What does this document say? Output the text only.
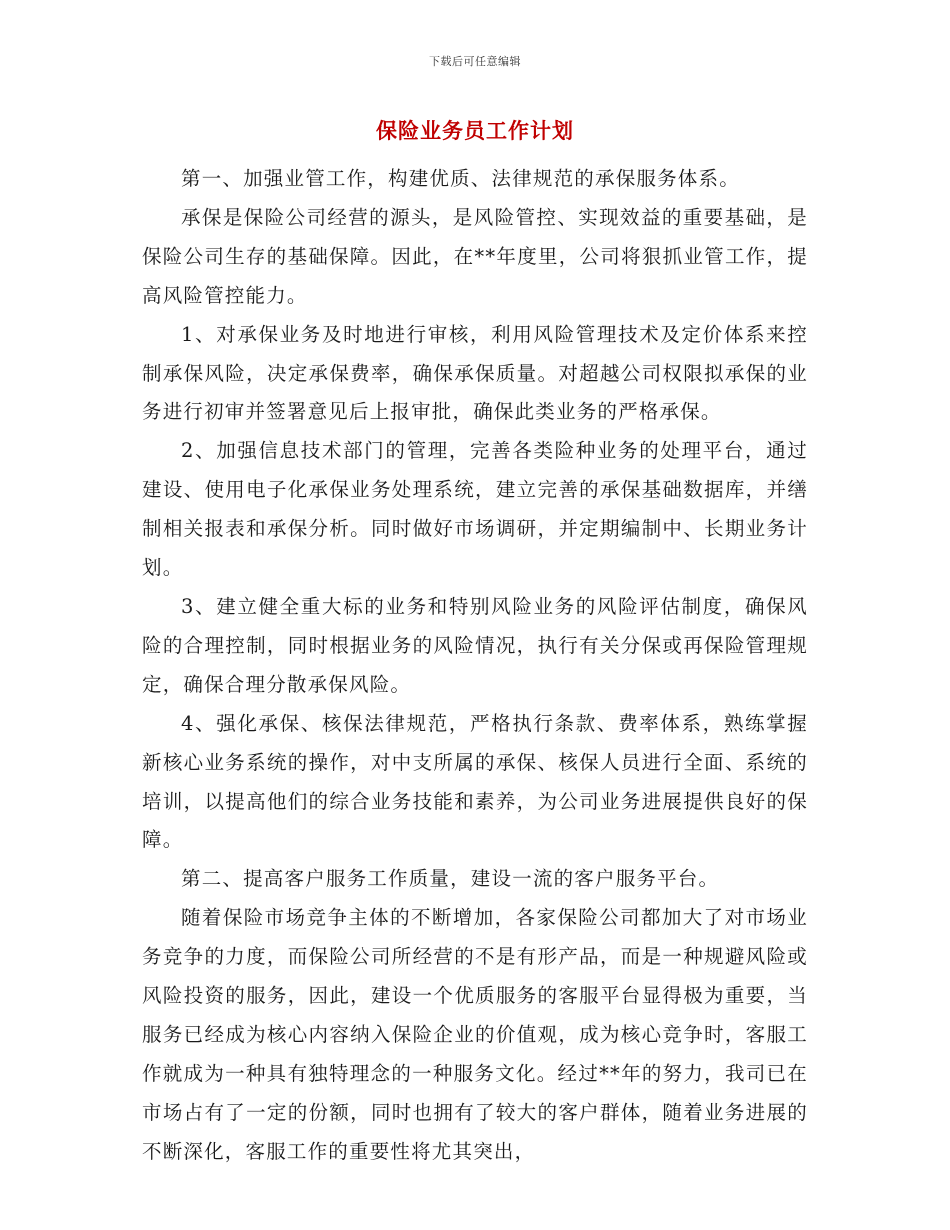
下载后可任意编辑
保险业务员工作计划

第一、加强业管工作，构建优质、法律规范的承保服务体系。

承保是保险公司经营的源头，是风险管控、实现效益的重要基础，是保险公司生存的基础保障。因此，在**年度里，公司将狠抓业管工作，提高风险管控能力。

1、对承保业务及时地进行审核，利用风险管理技术及定价体系来控制承保风险，决定承保费率，确保承保质量。对超越公司权限拟承保的业务进行初审并签署意见后上报审批，确保此类业务的严格承保。

2、加强信息技术部门的管理，完善各类险种业务的处理平台，通过建设、使用电子化承保业务处理系统，建立完善的承保基础数据库，并缮制相关报表和承保分析。同时做好市场调研，并定期编制中、长期业务计划。

3、建立健全重大标的业务和特别风险业务的风险评估制度，确保风险的合理控制，同时根据业务的风险情况，执行有关分保或再保险管理规定，确保合理分散承保风险。

4、强化承保、核保法律规范，严格执行条款、费率体系，熟练掌握新核心业务系统的操作，对中支所属的承保、核保人员进行全面、系统的培训，以提高他们的综合业务技能和素养，为公司业务进展提供良好的保障。

第二、提高客户服务工作质量，建设一流的客户服务平台。

随着保险市场竞争主体的不断增加，各家保险公司都加大了对市场业务竞争的力度，而保险公司所经营的不是有形产品，而是一种规避风险或风险投资的服务，因此，建设一个优质服务的客服平台显得极为重要，当服务已经成为核心内容纳入保险企业的价值观，成为核心竞争时，客服工作就成为一种具有独特理念的一种服务文化。经过**年的努力，我司已在市场占有了一定的份额，同时也拥有了较大的客户群体，随着业务进展的不断深化，客服工作的重要性将尤其突出，
